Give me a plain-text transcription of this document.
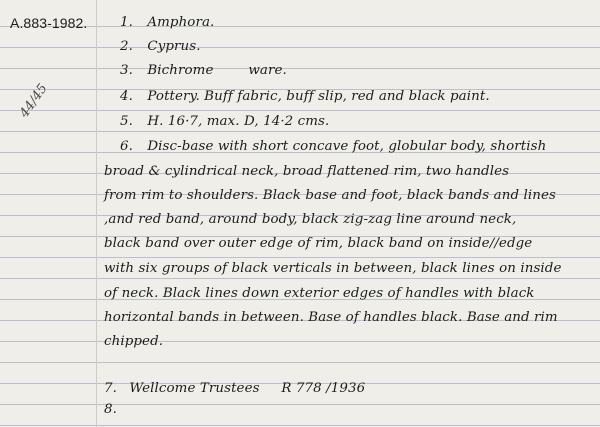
A.883-1982.
44/45
1. Amphora.
2. Cyprus.
3. Bichrome        ware.
4. Pottery. Buff fabric, buff slip, red and black paint.
5. H. 16·7, max. D, 14·2 cms.
6. Disc-base with short concave foot, globular body, shortish
broad & cylindrical neck, broad flattened rim, two handles
from rim to shoulders. Black base and foot, black bands and lines
,and red band, around body, black zig-zag line around neck,
black band over outer edge of rim, black band on inside//edge
with six groups of black verticals in between, black lines on inside
of neck. Black lines down exterior edges of handles with black
horizontal bands in between. Base of handles black. Base and rim
chipped.
7. Wellcome Trustees     R 778 /1936
8.
